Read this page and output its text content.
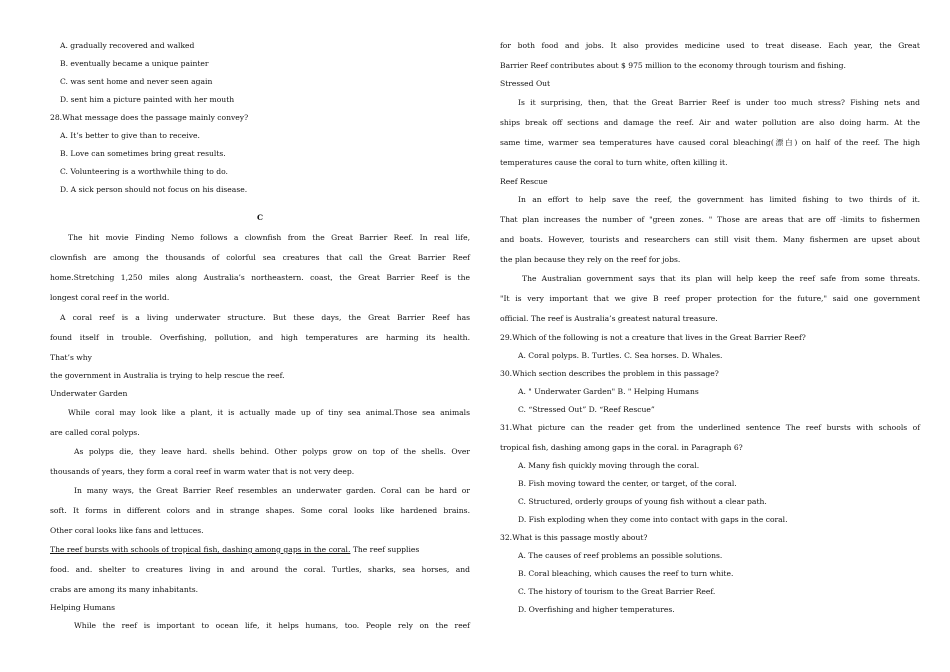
A. gradually recovered and walked
B. eventually became a unique painter
C. was sent home and never seen again
D. sent him a picture painted with her mouth
28.What message does the passage mainly convey?
A. It’s better to give than to receive.
B. Love can sometimes bring great results.
C. Volunteering is a worthwhile thing to do.
D. A sick person should not focus on his disease.
C
The hit movie Finding Nemo follows a clownfish from the Great Barrier Reef. In real life,
clownfish are among the thousands of colorful sea creatures that call the Great Barrier Reef
home.Stretching 1,250 miles along Australia’s northeastern. coast, the Great Barrier Reef is the
longest coral reef in the world.
A coral reef is a living underwater structure. But these days, the Great Barrier Reef has
found itself in trouble. Overfishing, pollution, and high temperatures are harming its health.
That’s why
the government in Australia is trying to help rescue the reef.
Underwater Garden
While coral may look like a plant, it is actually made up of tiny sea animal.Those sea animals
are called coral polyps.
As polyps die, they leave hard. shells behind. Other polyps grow on top of the shells. Over
thousands of years, they form a coral reef in warm water that is not very deep.
In many ways, the Great Barrier Reef resembles an underwater garden. Coral can be hard or
soft. It forms in different colors and in strange shapes. Some coral looks like hardened brains.
Other coral looks like fans and lettuces.
The reef bursts with schools of tropical fish, dashing among gaps in the coral. The reef supplies
food. and. shelter to creatures living in and around the coral. Turtles, sharks, sea horses, and
crabs are among its many inhabitants.
Helping Humans
While the reef is important to ocean life, it helps humans, too. People rely on the reef
for both food and jobs. It also provides medicine used to treat disease. Each year, the Great
Barrier Reef contributes about $ 975 million to the economy through tourism and fishing.
Stressed Out
Is it surprising, then, that the Great Barrier Reef is under too much stress? Fishing nets and
ships break off sections and damage the reef. Air and water pollution are also doing harm. At the
same time, warmer sea temperatures have caused coral bleaching(漂白) on half of the reef. The high
temperatures cause the coral to turn white, often killing it.
Reef Rescue
In an effort to help save the reef, the government has limited fishing to two thirds of it.
That plan increases the number of "green zones. " Those are areas that are off -limits to fishermen
and boats. However, tourists and researchers can still visit them. Many fishermen are upset about
the plan because they rely on the reef for jobs.
The Australian government says that its plan will help keep the reef safe from some threats.
"It is very important that we give B reef proper protection for the future," said one government
official. The reef is Australia’s greatest natural treasure.
29.Which of the following is not a creature that lives in the Great Barrier Reef?
A. Coral polyps. B. Turtles. C. Sea horses. D. Whales.
30.Which section describes the problem in this passage?
A. " Underwater Garden" B. " Helping Humans
C. “Stressed Out” D. “Reef Rescue”
31.What picture can the reader get from the underlined sentence The reef bursts with schools of
tropical fish, dashing among gaps in the coral. in Paragraph 6?
A. Many fish quickly moving through the coral.
B. Fish moving toward the center, or target, of the coral.
C. Structured, orderly groups of young fish without a clear path.
D. Fish exploding when they come into contact with gaps in the coral.
32.What is this passage mostly about?
A. The causes of reef problems an possible solutions.
B. Coral bleaching, which causes the reef to turn white.
C. The history of tourism to the Great Barrier Reef.
D. Overfishing and higher temperatures.
